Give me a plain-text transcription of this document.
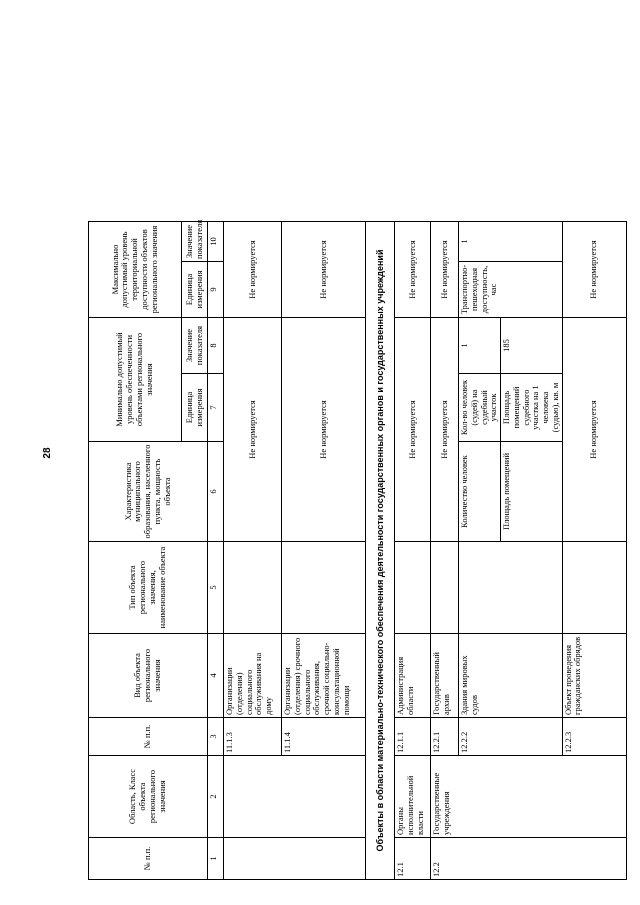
28
№ п.п.	Область, Класс объекта регионального значения	№ п.п.	Вид объекта регионального значения	Тип объекта регионального значения, наименование объекта	Характеристика муниципального образования, населенного пункта, мощность объекта	Минимально допустимый уровень обеспеченности объектами регионального значения		Максимально допустимый уровень территориальной доступности объектов регионального значения		
						Единица измерения	Значение показателя	Единица измерения	Значение показателя	
1	2	3	4	5	6	7	8	9	10	
		11.1.3	Организации (отделения) социального обслуживания на дому		Не нормируется			Не нормируется		
		11.1.4	Организации (отделения) срочного социального обслуживания, срочной социально-консультационной помощи		Не нормируется			Не нормируется		
Объекты в области материально-технического обеспечения деятельности государственных органов и государственных учреждений										
12.1	Органы исполнительной власти	12.1.1	Администрация области		Не нормируется			Не нормируется		
12.2	Государственные учреждения	12.2.1	Государственный архив		Не нормируется			Не нормируется		
		12.2.2	Здания мировых судов		Количество человек	Кол-во человек (судей) на судебный участок	1	Транспортно-пешеходная доступность, час	1	
					Площадь помещений	Площадь помещений судебного участка на 1 человека (судью), кв. м	185			
		12.2.3	Объект проведения гражданских обрядов		Не нормируется			Не нормируется		
